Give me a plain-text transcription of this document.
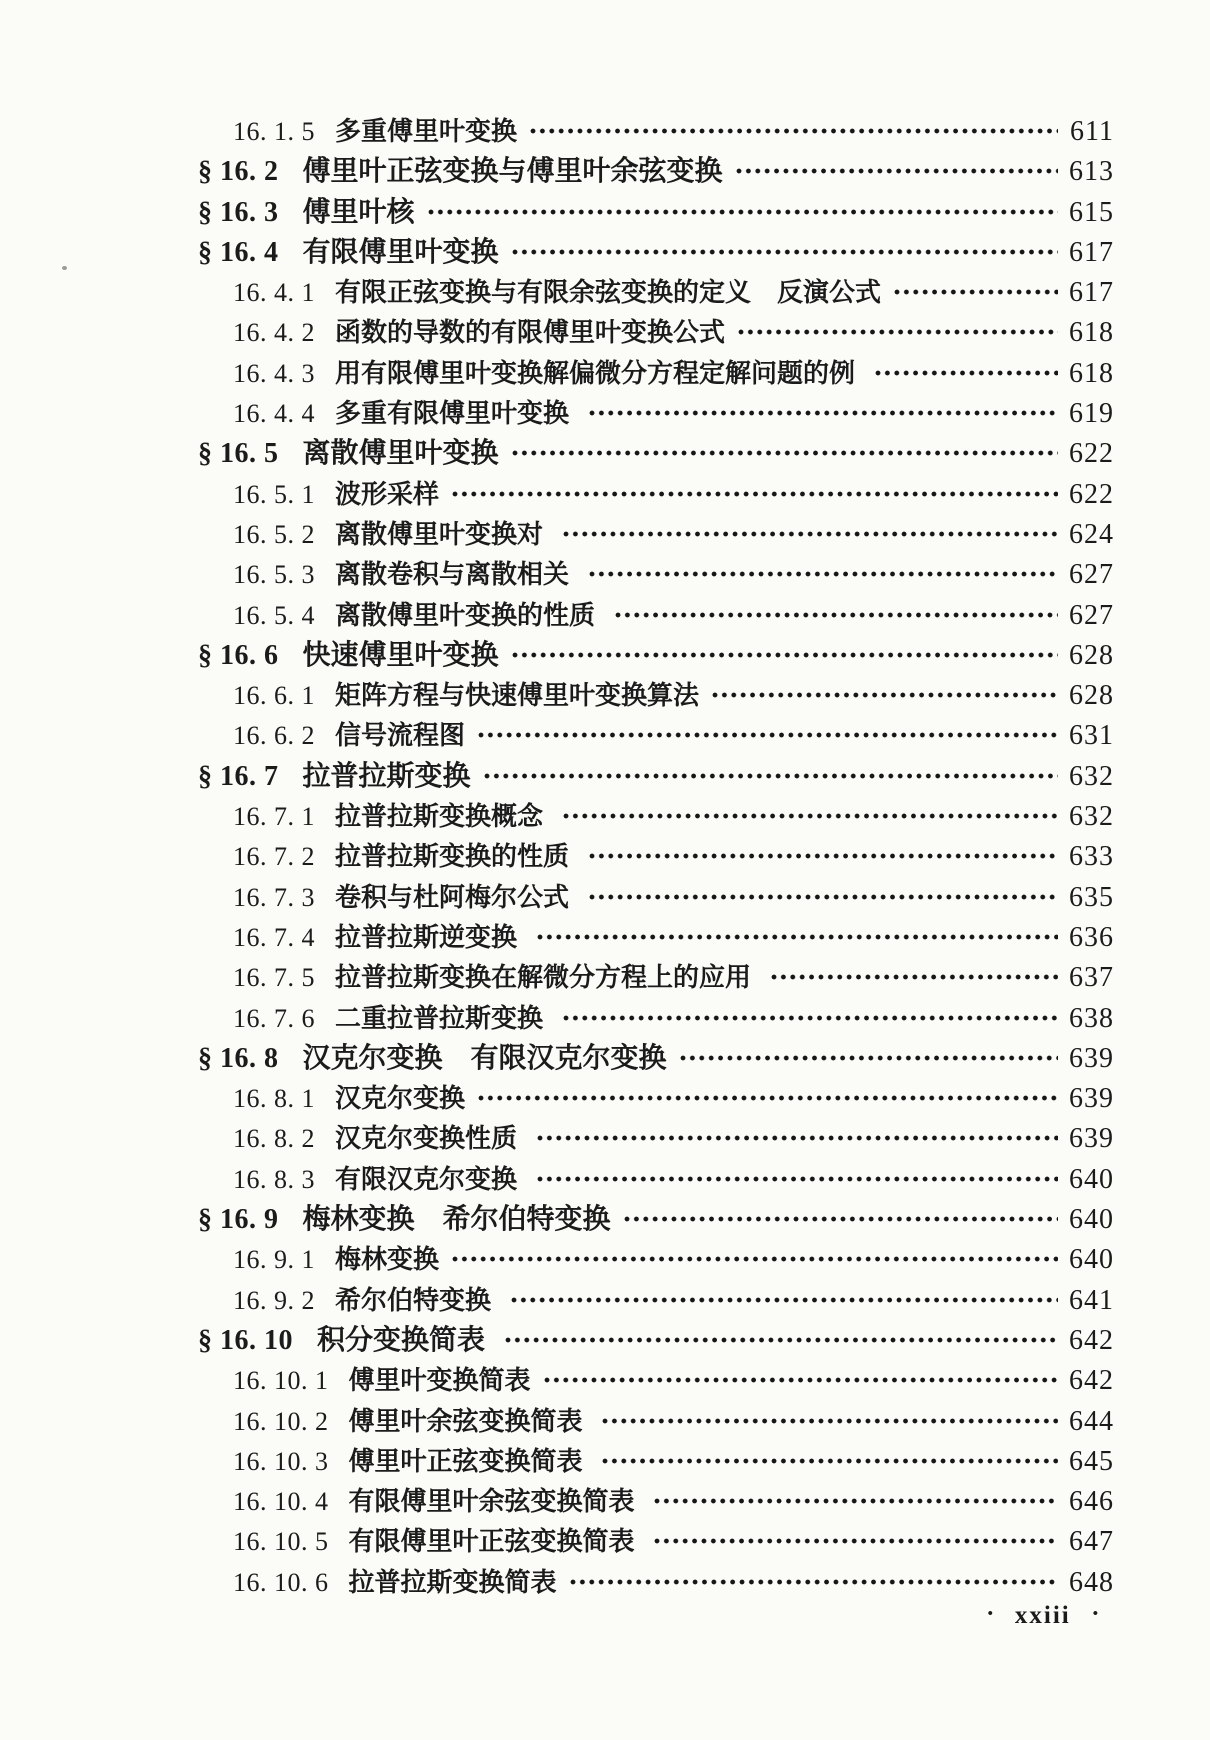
16. 1. 5 多重傅里叶变换	611
§ 16. 2 傅里叶正弦变换与傅里叶余弦变换	613
§ 16. 3 傅里叶核	615
§ 16. 4 有限傅里叶变换	617
16. 4. 1 有限正弦变换与有限余弦变换的定义　反演公式	617
16. 4. 2 函数的导数的有限傅里叶变换公式	618
16. 4. 3 用有限傅里叶变换解偏微分方程定解问题的例	618
16. 4. 4 多重有限傅里叶变换	619
§ 16. 5 离散傅里叶变换	622
16. 5. 1 波形采样	622
16. 5. 2 离散傅里叶变换对	624
16. 5. 3 离散卷积与离散相关	627
16. 5. 4 离散傅里叶变换的性质	627
§ 16. 6 快速傅里叶变换	628
16. 6. 1 矩阵方程与快速傅里叶变换算法	628
16. 6. 2 信号流程图	631
§ 16. 7 拉普拉斯变换	632
16. 7. 1 拉普拉斯变换概念	632
16. 7. 2 拉普拉斯变换的性质	633
16. 7. 3 卷积与杜阿梅尔公式	635
16. 7. 4 拉普拉斯逆变换	636
16. 7. 5 拉普拉斯变换在解微分方程上的应用	637
16. 7. 6 二重拉普拉斯变换	638
§ 16. 8 汉克尔变换　有限汉克尔变换	639
16. 8. 1 汉克尔变换	639
16. 8. 2 汉克尔变换性质	639
16. 8. 3 有限汉克尔变换	640
§ 16. 9 梅林变换　希尔伯特变换	640
16. 9. 1 梅林变换	640
16. 9. 2 希尔伯特变换	641
§ 16. 10 积分变换简表	642
16. 10. 1 傅里叶变换简表	642
16. 10. 2 傅里叶余弦变换简表	644
16. 10. 3 傅里叶正弦变换简表	645
16. 10. 4 有限傅里叶余弦变换简表	646
16. 10. 5 有限傅里叶正弦变换简表	647
16. 10. 6 拉普拉斯变换简表	648
• xxiii •
